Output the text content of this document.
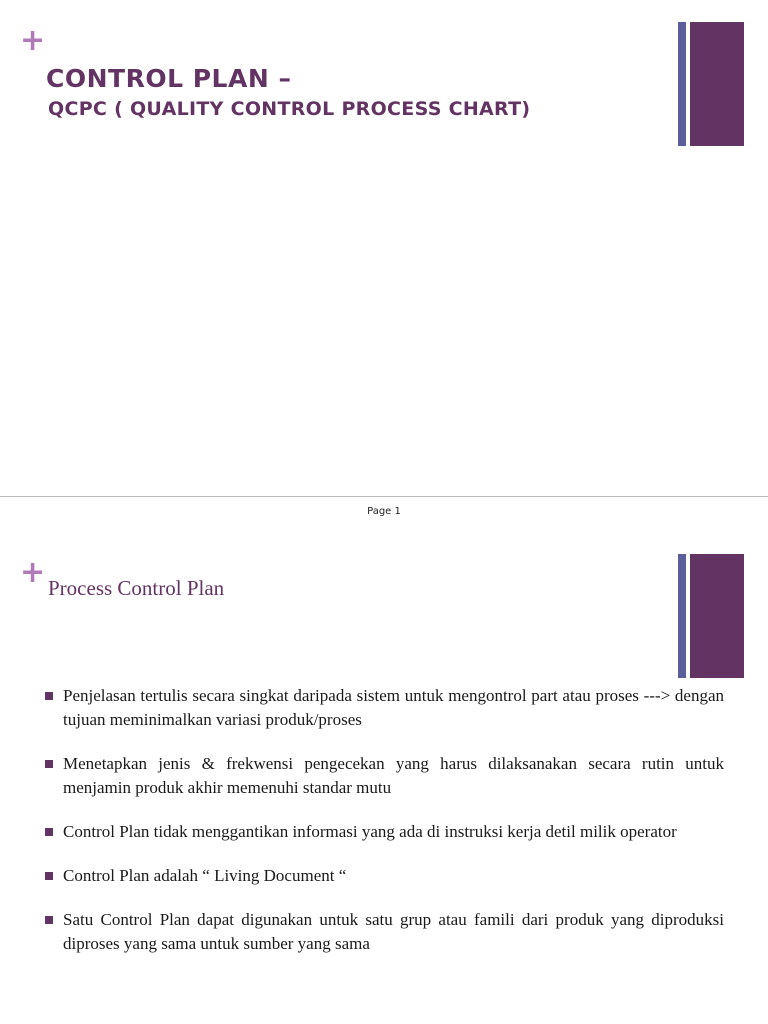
+
CONTROL PLAN –
QCPC ( QUALITY CONTROL PROCESS CHART)
Page 1
+ Process Control Plan
Penjelasan tertulis secara singkat daripada sistem untuk mengontrol part atau proses ---> dengan tujuan meminimalkan variasi produk/proses
Menetapkan jenis & frekwensi pengecekan yang harus dilaksanakan secara rutin untuk menjamin produk akhir memenuhi standar mutu
Control Plan tidak menggantikan informasi yang ada di instruksi kerja detil milik operator
Control Plan adalah “ Living Document “
Satu Control Plan dapat digunakan untuk satu grup atau famili dari produk yang diproduksi diproses yang sama untuk sumber yang sama
